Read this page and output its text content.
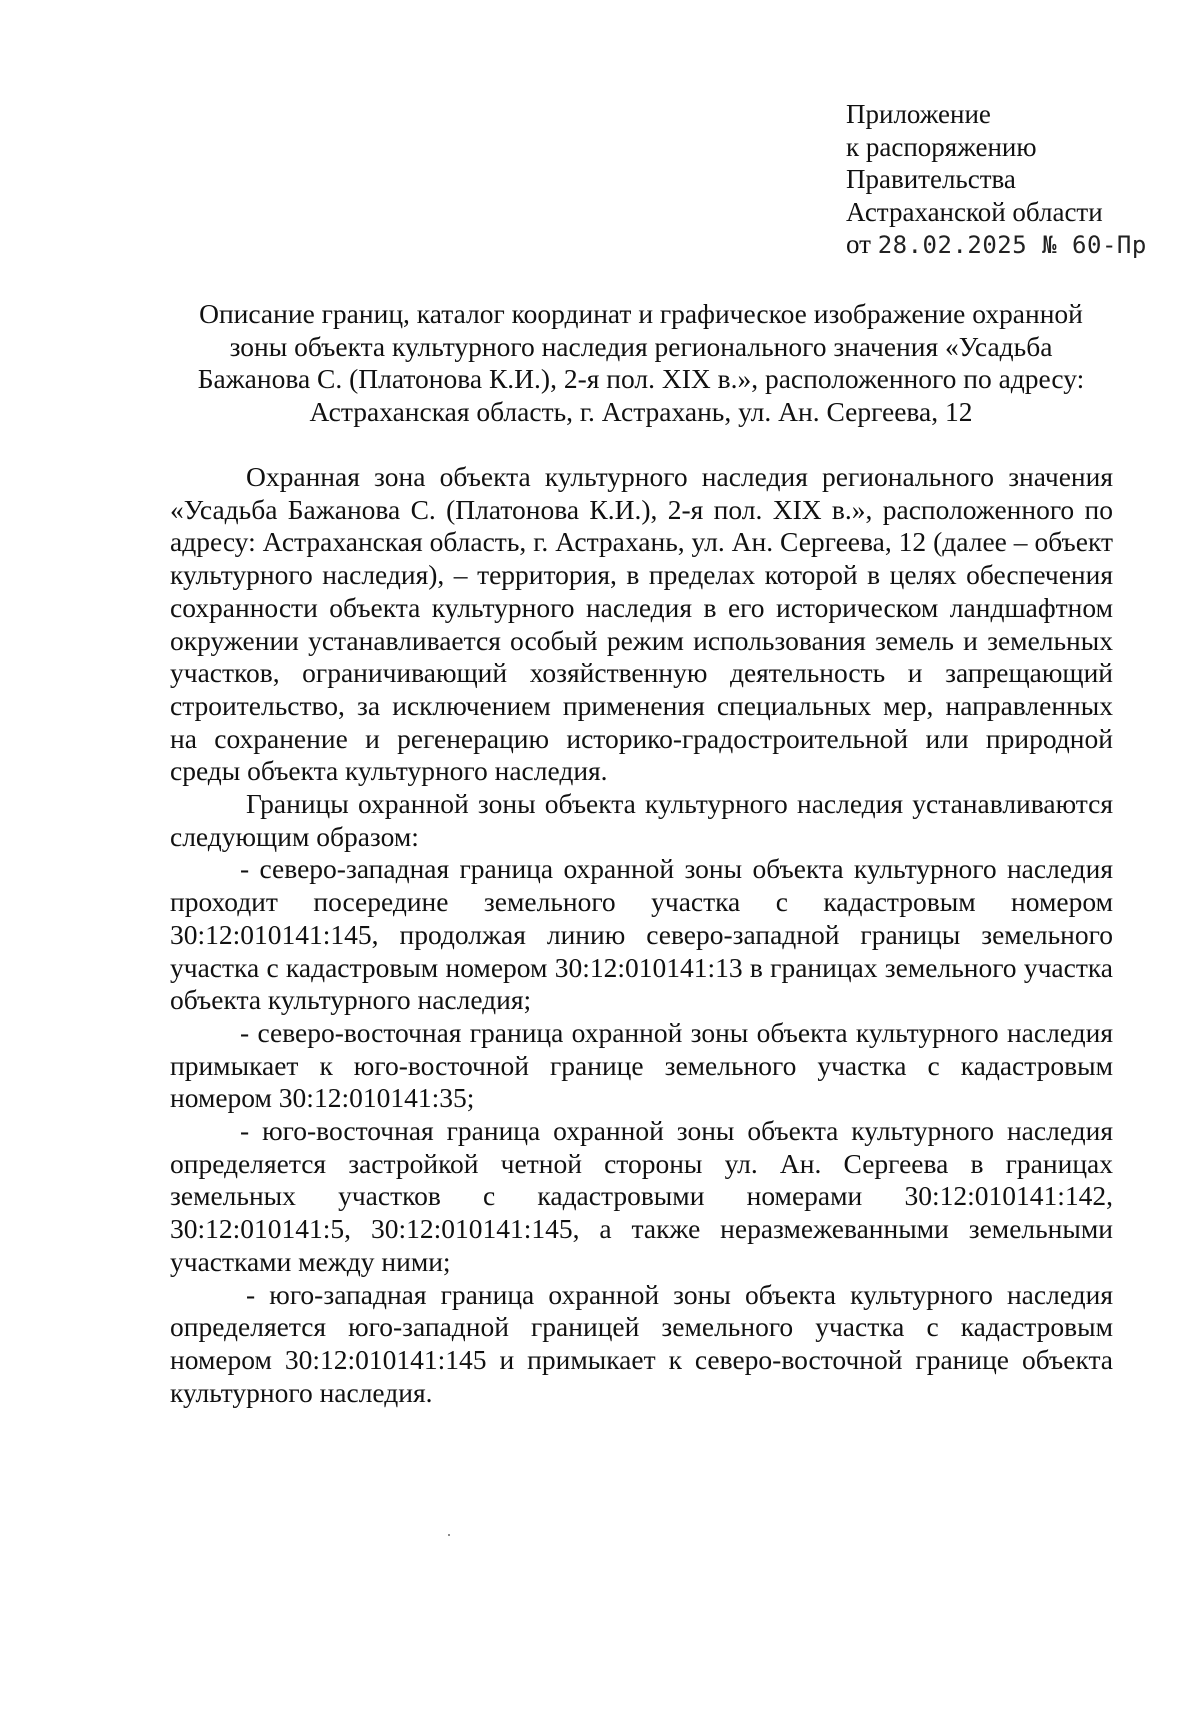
Приложение
к распоряжению
Правительства
Астраханской области
от 28.02.2025 № 60-Пр
Описание границ, каталог координат и графическое изображение охранной зоны объекта культурного наследия регионального значения «Усадьба Бажанова С. (Платонова К.И.), 2-я пол. XIX в.», расположенного по адресу: Астраханская область, г. Астрахань, ул. Ан. Сергеева, 12

Охранная зона объекта культурного наследия регионального значения «Усадьба Бажанова С. (Платонова К.И.), 2-я пол. XIX в.», расположенного по адресу: Астраханская область, г. Астрахань, ул. Ан. Сергеева, 12 (далее – объект культурного наследия), – территория, в пределах которой в целях обеспечения сохранности объекта культурного наследия в его историческом ландшафтном окружении устанавливается особый режим использования земель и земельных участков, ограничивающий хозяйственную деятельность и запрещающий строительство, за исключением применения специальных мер, направленных на сохранение и регенерацию историко-градостроительной или природной среды объекта культурного наследия.

Границы охранной зоны объекта культурного наследия устанавливаются следующим образом:

- северо-западная граница охранной зоны объекта культурного наследия проходит посередине земельного участка с кадастровым номером 30:12:010141:145, продолжая линию северо-западной границы земельного участка с кадастровым номером 30:12:010141:13 в границах земельного участка объекта культурного наследия;

- северо-восточная граница охранной зоны объекта культурного наследия примыкает к юго-восточной границе земельного участка с кадастровым номером 30:12:010141:35;

- юго-восточная граница охранной зоны объекта культурного наследия определяется застройкой четной стороны ул. Ан. Сергеева в границах земельных участков с кадастровыми номерами 30:12:010141:142, 30:12:010141:5, 30:12:010141:145, а также неразмежеванными земельными участками между ними;

- юго-западная граница охранной зоны объекта культурного наследия определяется юго-западной границей земельного участка с кадастровым номером 30:12:010141:145 и примыкает к северо-восточной границе объекта культурного наследия.
